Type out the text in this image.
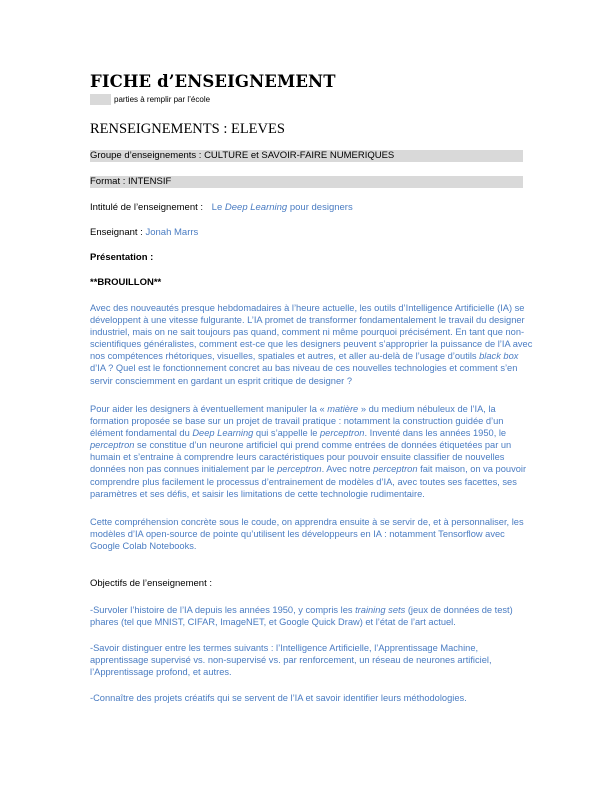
FICHE d’ENSEIGNEMENT
parties à remplir par l’école
RENSEIGNEMENTS : ELEVES
Groupe d’enseignements : CULTURE et SAVOIR-FAIRE NUMERIQUES
Format : INTENSIF
Intitulé de l’enseignement : Le Deep Learning pour designers
Enseignant : Jonah Marrs
Présentation :
**BROUILLON**
Avec des nouveautés presque hebdomadaires à l’heure actuelle, les outils d’Intelligence Artificielle (IA) se
développent à une vitesse fulgurante. L’IA promet de transformer fondamentalement le travail du designer
industriel, mais on ne sait toujours pas quand, comment ni même pourquoi précisément. En tant que non-
scientifiques généralistes, comment est-ce que les designers peuvent s’approprier la puissance de l’IA avec
nos compétences rhétoriques, visuelles, spatiales et autres, et aller au-delà de l’usage d’outils black box
d’IA ? Quel est le fonctionnement concret au bas niveau de ces nouvelles technologies et comment s’en
servir consciemment en gardant un esprit critique de designer ?
Pour aider les designers à éventuellement manipuler la « matière » du medium nébuleux de l’IA, la
formation proposée se base sur un projet de travail pratique : notamment la construction guidée d’un
élément fondamental du Deep Learning qui s’appelle le perceptron. Inventé dans les années 1950, le
perceptron se constitue d’un neurone artificiel qui prend comme entrées de données étiquetées par un
humain et s’entraine à comprendre leurs caractéristiques pour pouvoir ensuite classifier de nouvelles
données non pas connues initialement par le perceptron. Avec notre perceptron fait maison, on va pouvoir
comprendre plus facilement le processus d’entrainement de modèles d’IA, avec toutes ses facettes, ses
paramètres et ses défis, et saisir les limitations de cette technologie rudimentaire.
Cette compréhension concrète sous le coude, on apprendra ensuite à se servir de, et à personnaliser, les
modèles d’IA open-source de pointe qu’utilisent les développeurs en IA : notamment Tensorflow avec
Google Colab Notebooks.
Objectifs de l’enseignement :
-Survoler l’histoire de l’IA depuis les années 1950, y compris les training sets (jeux de données de test)
phares (tel que MNIST, CIFAR, ImageNET, et Google Quick Draw) et l’état de l’art actuel.
-Savoir distinguer entre les termes suivants : l’Intelligence Artificielle, l’Apprentissage Machine,
apprentissage supervisé vs. non-supervisé vs. par renforcement, un réseau de neurones artificiel,
l’Apprentissage profond, et autres.
-Connaître des projets créatifs qui se servent de l’IA et savoir identifier leurs méthodologies.
